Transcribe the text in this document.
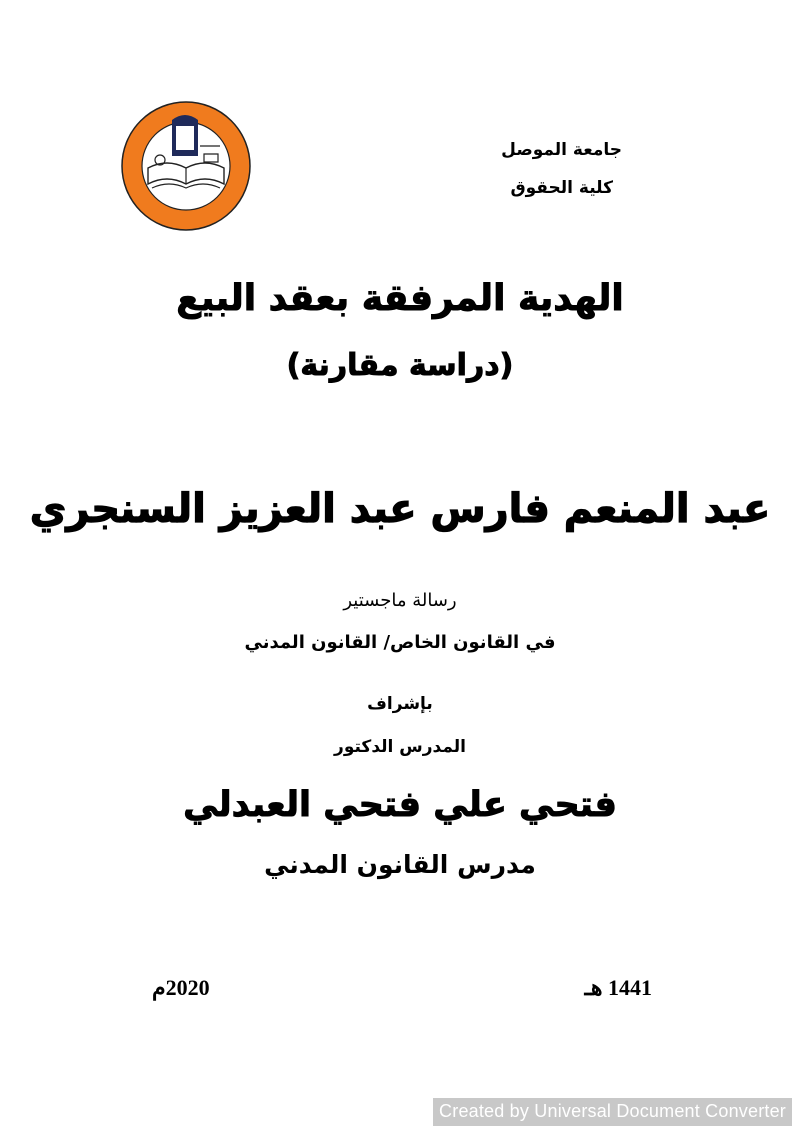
جامعة الموصل
كلية الحقوق
الهدية المرفقة بعقد البيع
(دراسة مقارنة)
عبد المنعم فارس عبد العزيز السنجري
رسالة ماجستير
في القانون الخاص/ القانون المدني
بإشراف
المدرس الدكتور
فتحي علي فتحي العبدلي
مدرس القانون المدني
1441 هـ
2020م
Created by Universal Document Converter
